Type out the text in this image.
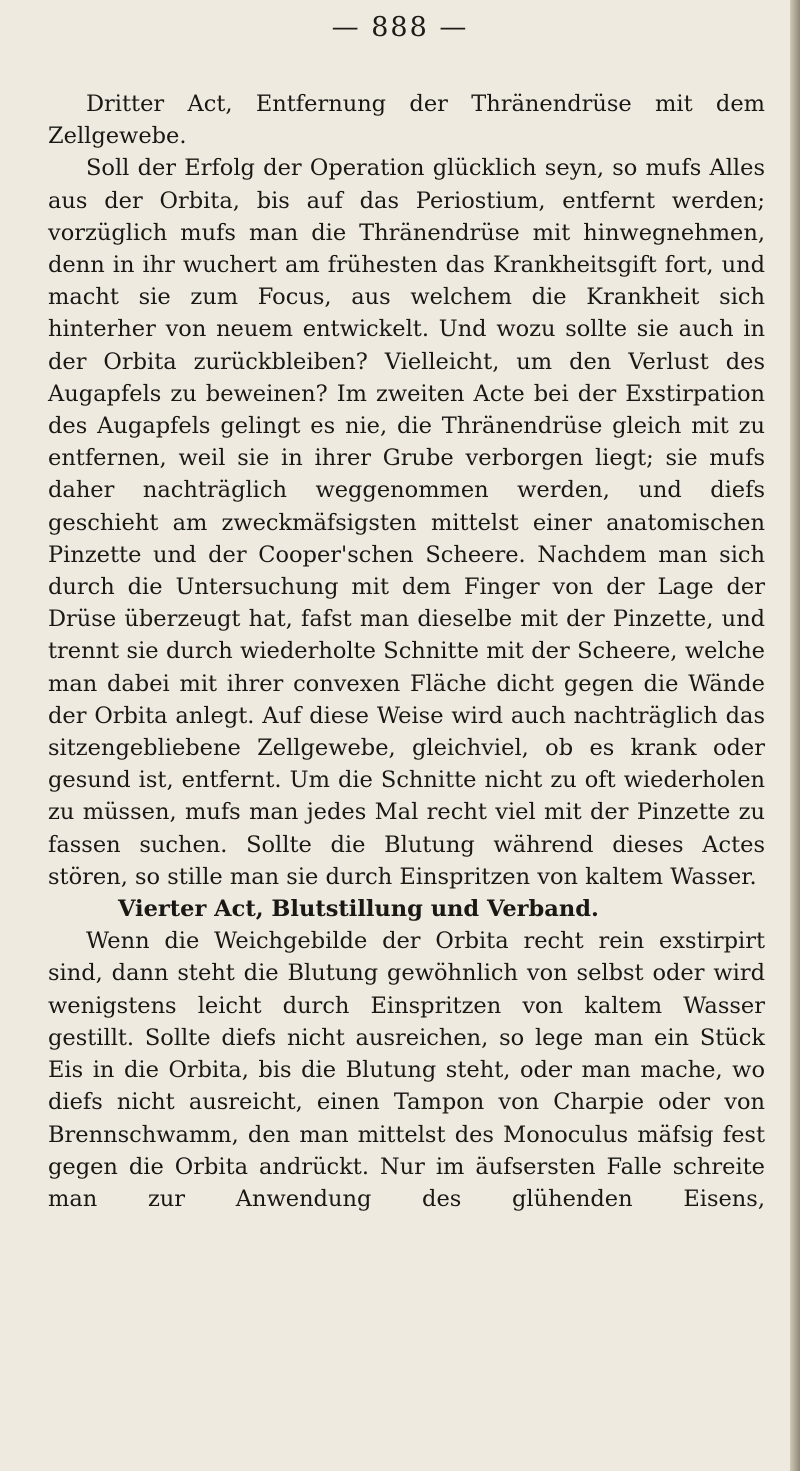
— 888 —

Dritter Act, Entfernung der Thränendrüse mit dem Zellgewebe.

Soll der Erfolg der Operation glücklich seyn, so mufs Alles aus der Orbita, bis auf das Periostium, entfernt werden; vorzüglich mufs man die Thränendrüse mit hinwegnehmen, denn in ihr wuchert am frühesten das Krankheitsgift fort, und macht sie zum Focus, aus welchem die Krankheit sich hinterher von neuem entwickelt. Und wozu sollte sie auch in der Orbita zurückbleiben? Vielleicht, um den Verlust des Augapfels zu beweinen? Im zweiten Acte bei der Exstirpation des Augapfels gelingt es nie, die Thränendrüse gleich mit zu entfernen, weil sie in ihrer Grube verborgen liegt; sie mufs daher nachträglich weggenommen werden, und diefs geschieht am zweckmäfsigsten mittelst einer anatomischen Pinzette und der Cooper'schen Scheere. Nachdem man sich durch die Untersuchung mit dem Finger von der Lage der Drüse überzeugt hat, fafst man dieselbe mit der Pinzette, und trennt sie durch wiederholte Schnitte mit der Scheere, welche man dabei mit ihrer convexen Fläche dicht gegen die Wände der Orbita anlegt. Auf diese Weise wird auch nachträglich das sitzengebliebene Zellgewebe, gleichviel, ob es krank oder gesund ist, entfernt. Um die Schnitte nicht zu oft wiederholen zu müssen, mufs man jedes Mal recht viel mit der Pinzette zu fassen suchen. Sollte die Blutung während dieses Actes stören, so stille man sie durch Einspritzen von kaltem Wasser.

Vierter Act, Blutstillung und Verband.

Wenn die Weichgebilde der Orbita recht rein exstirpirt sind, dann steht die Blutung gewöhnlich von selbst oder wird wenigstens leicht durch Einspritzen von kaltem Wasser gestillt. Sollte diefs nicht ausreichen, so lege man ein Stück Eis in die Orbita, bis die Blutung steht, oder man mache, wo diefs nicht ausreicht, einen Tampon von Charpie oder von Brennschwamm, den man mittelst des Monoculus mäfsig fest gegen die Orbita andrückt. Nur im äufsersten Falle schreite man zur Anwendung des glühenden Eisens,
